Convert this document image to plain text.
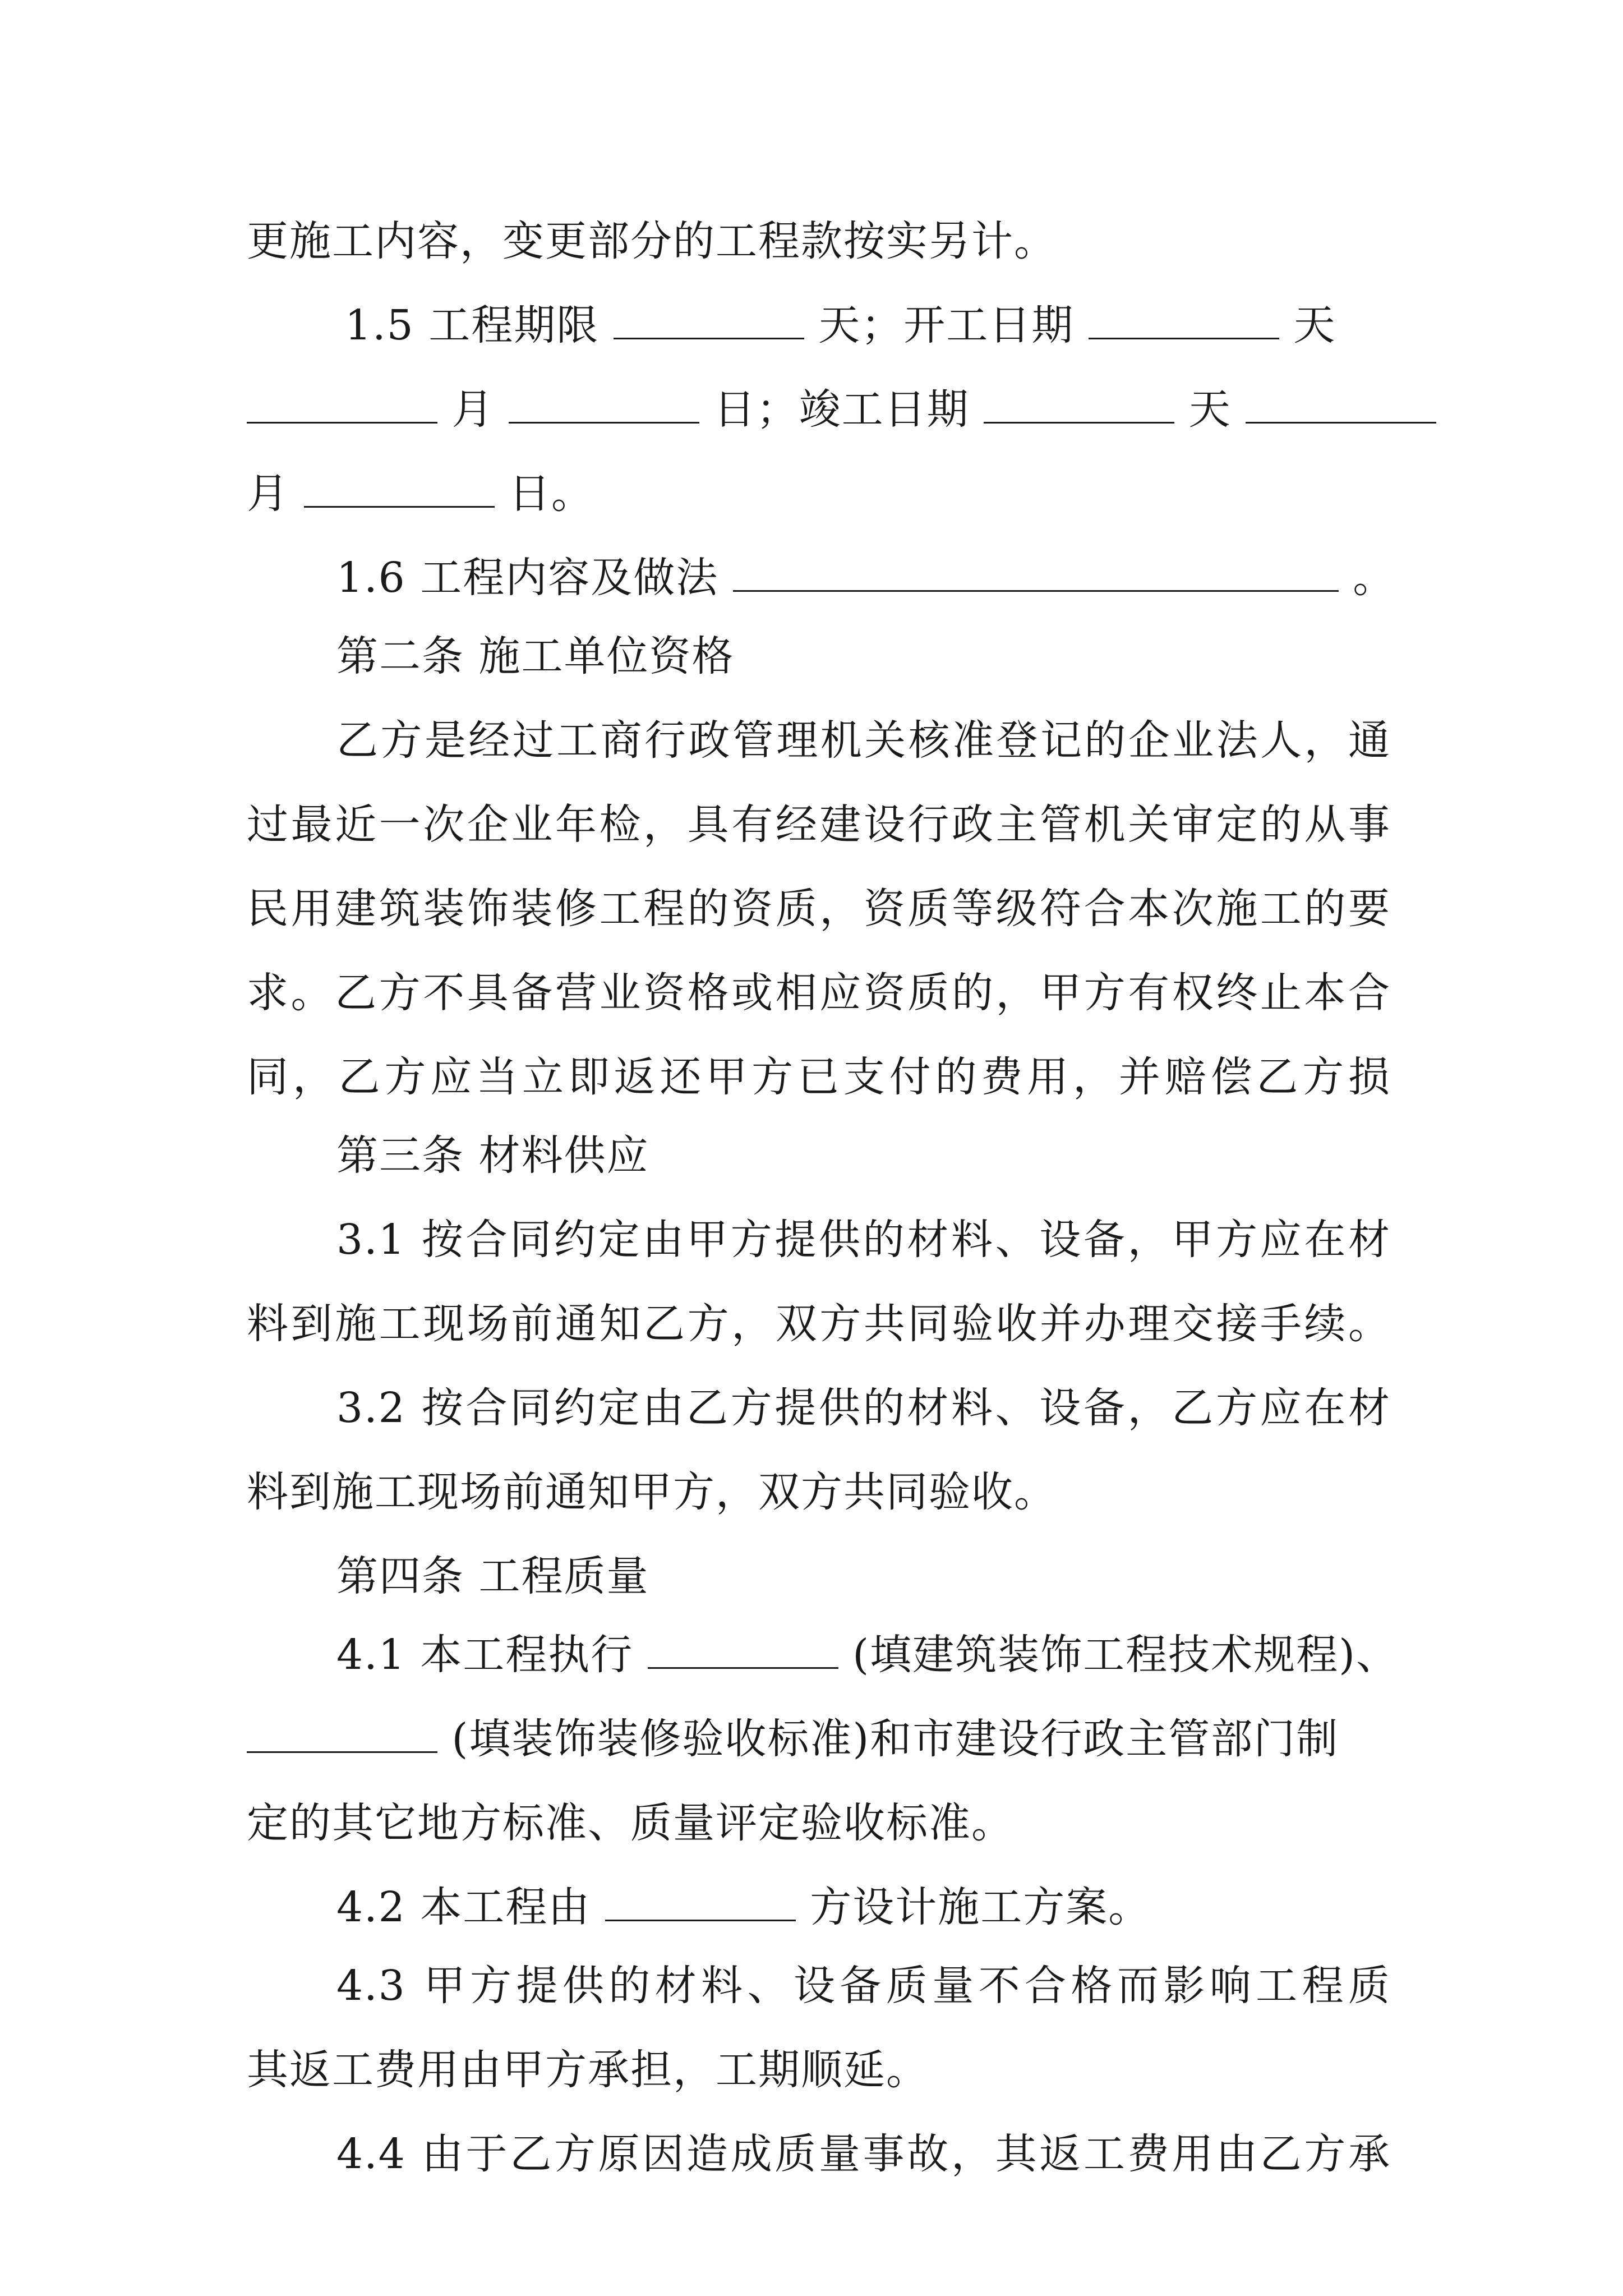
更施工内容，变更部分的工程款按实另计。
1.5 工程期限	天；开工日期	天
月	日；竣工日期	天
月	日。
1.6 工程内容及做法	。
第二条 施工单位资格
乙方是经过工商行政管理机关核准登记的企业法人，通
过最近一次企业年检，具有经建设行政主管机关审定的从事
民用建筑装饰装修工程的资质，资质等级符合本次施工的要
求。乙方不具备营业资格或相应资质的，甲方有权终止本合
同，乙方应当立即返还甲方已支付的费用，并赔偿乙方损
第三条 材料供应
3.1 按合同约定由甲方提供的材料、设备，甲方应在材
料到施工现场前通知乙方，双方共同验收并办理交接手续。
3.2 按合同约定由乙方提供的材料、设备，乙方应在材
料到施工现场前通知甲方，双方共同验收。
第四条 工程质量
4.1 本工程执行	(填建筑装饰工程技术规程)、
(填装饰装修验收标准)和市建设行政主管部门制
定的其它地方标准、质量评定验收标准。
4.2 本工程由	方设计施工方案。
4.3 甲方提供的材料、设备质量不合格而影响工程质
其返工费用由甲方承担，工期顺延。
4.4 由于乙方原因造成质量事故，其返工费用由乙方承
